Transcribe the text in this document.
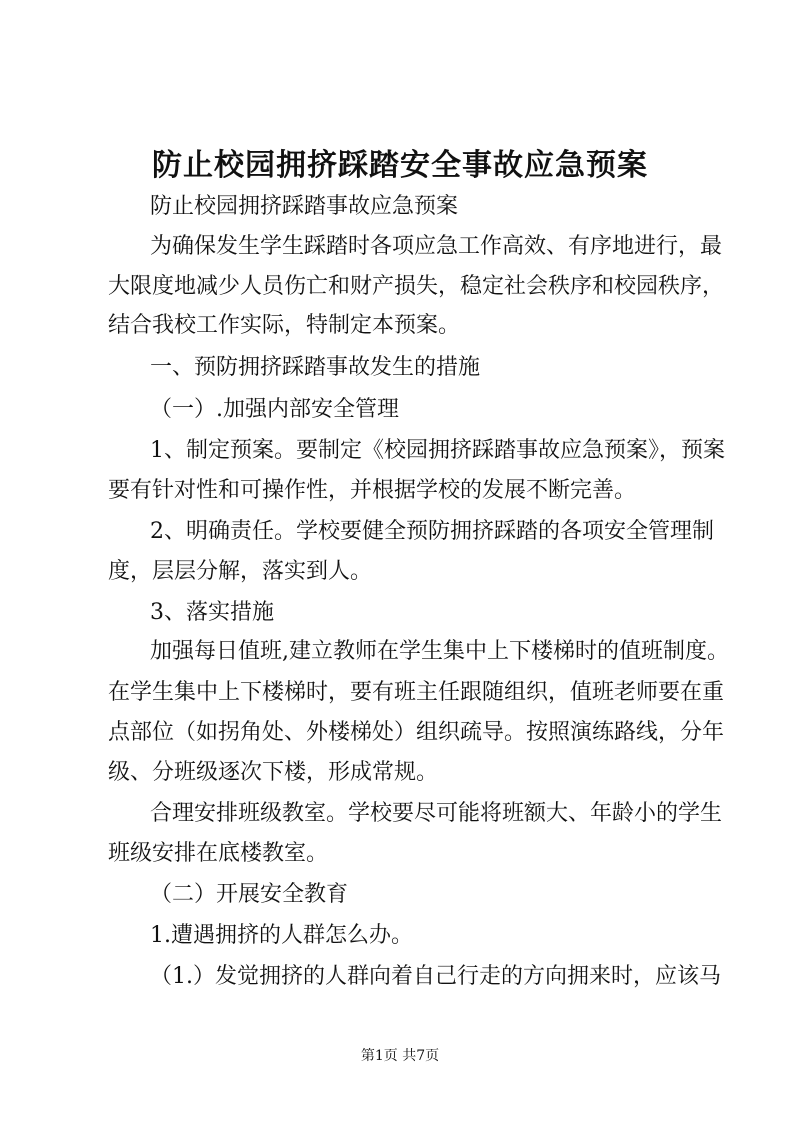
防止校园拥挤踩踏安全事故应急预案
防止校园拥挤踩踏事故应急预案
为确保发生学生踩踏时各项应急工作高效、有序地进行，最
大限度地减少人员伤亡和财产损失，稳定社会秩序和校园秩序，
结合我校工作实际，特制定本预案。
一、预防拥挤踩踏事故发生的措施
（一）.加强内部安全管理
1、制定预案。要制定《校园拥挤踩踏事故应急预案》，预案
要有针对性和可操作性，并根据学校的发展不断完善。
2、明确责任。学校要健全预防拥挤踩踏的各项安全管理制
度，层层分解，落实到人。
3、落实措施
加强每日值班,建立教师在学生集中上下楼梯时的值班制度。
在学生集中上下楼梯时，要有班主任跟随组织，值班老师要在重
点部位（如拐角处、外楼梯处）组织疏导。按照演练路线，分年
级、分班级逐次下楼，形成常规。
合理安排班级教室。学校要尽可能将班额大、年龄小的学生
班级安排在底楼教室。
（二）开展安全教育
1.遭遇拥挤的人群怎么办。
（1.）发觉拥挤的人群向着自己行走的方向拥来时，应该马
第1页 共7页
